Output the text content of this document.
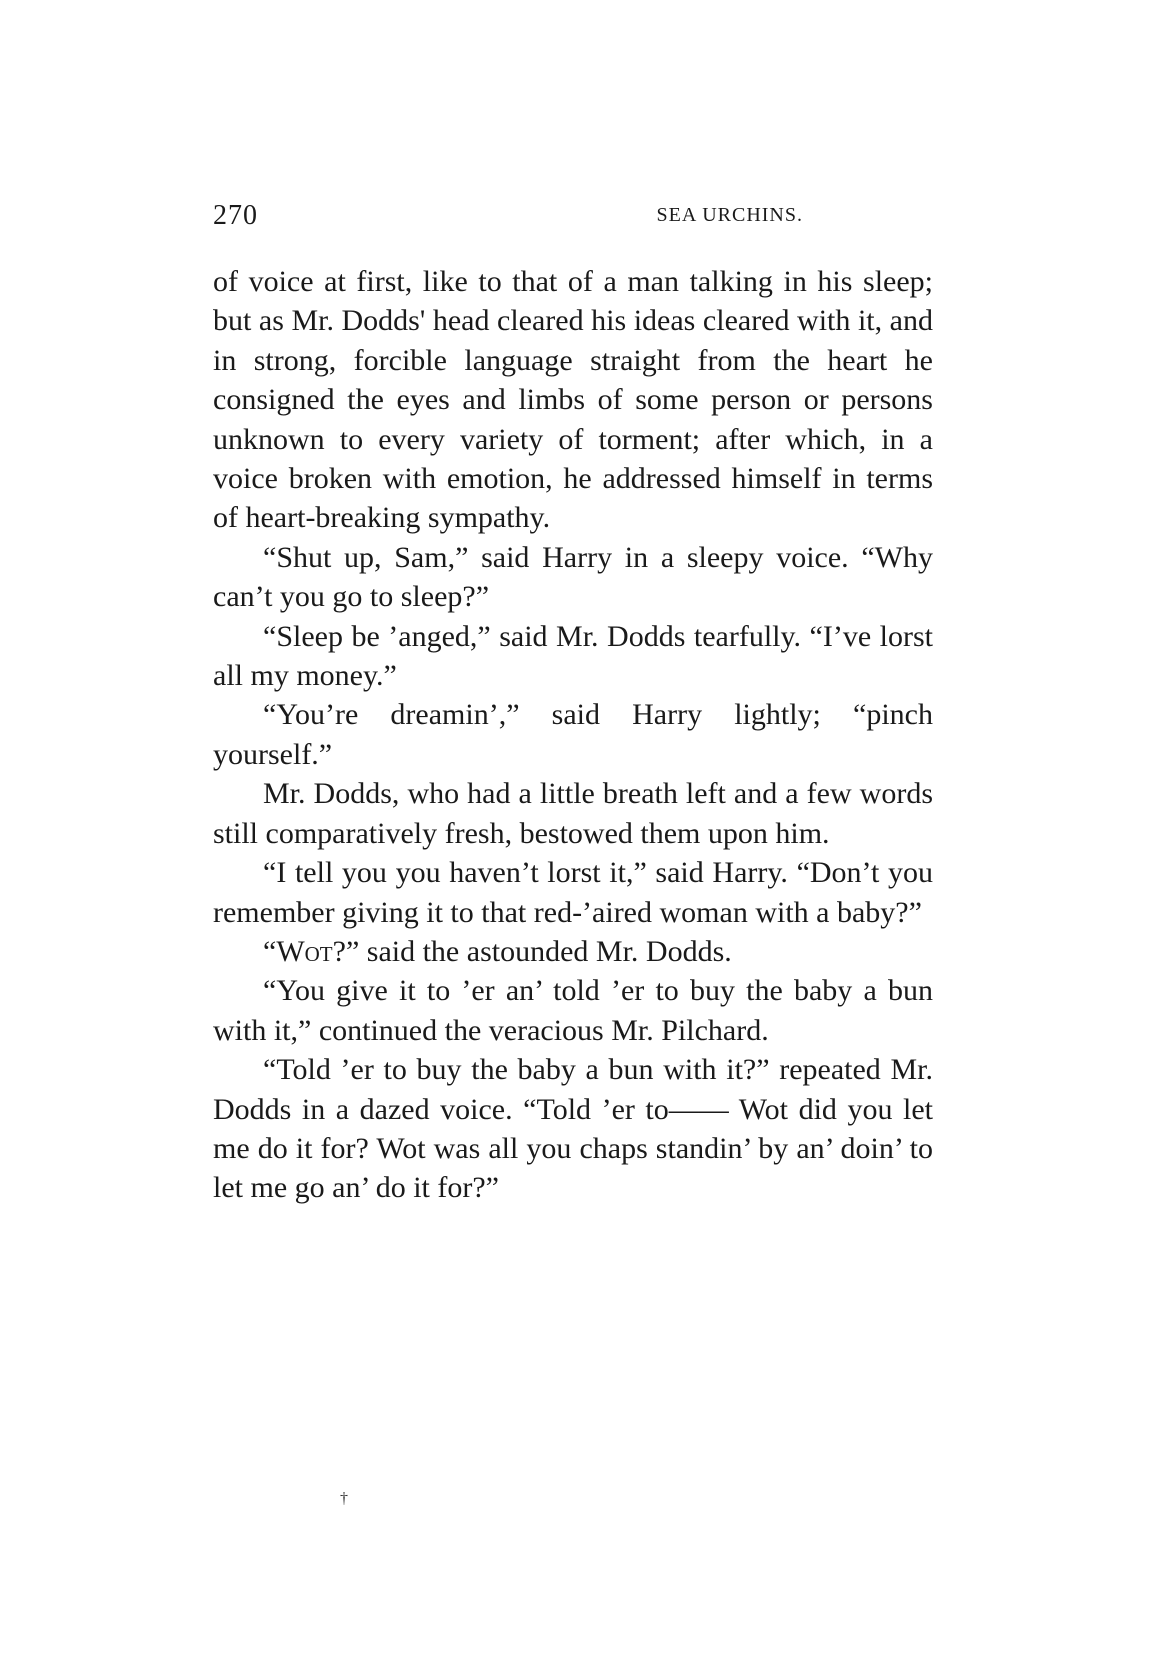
270	SEA URCHINS.

of voice at first, like to that of a man talking in his sleep; but as Mr. Dodds' head cleared his ideas cleared with it, and in strong, forcible language straight from the heart he consigned the eyes and limbs of some person or persons unknown to every variety of torment; after which, in a voice broken with emotion, he addressed himself in terms of heart-breaking sympathy.

“Shut up, Sam,” said Harry in a sleepy voice. “Why can’t you go to sleep?”

“Sleep be ’anged,” said Mr. Dodds tearfully. “I’ve lorst all my money.”

“You’re dreamin’,” said Harry lightly; “pinch yourself.”

Mr. Dodds, who had a little breath left and a few words still comparatively fresh, bestowed them upon him.

“I tell you you haven’t lorst it,” said Harry. “Don’t you remember giving it to that red-’aired woman with a baby?”

“Wot?” said the astounded Mr. Dodds.

“You give it to ’er an’ told ’er to buy the baby a bun with it,” continued the veracious Mr. Pilchard.

“Told ’er to buy the baby a bun with it?” repeated Mr. Dodds in a dazed voice. “Told ’er to—— Wot did you let me do it for? Wot was all you chaps standin’ by an’ doin’ to let me go an’ do it for?”

†
